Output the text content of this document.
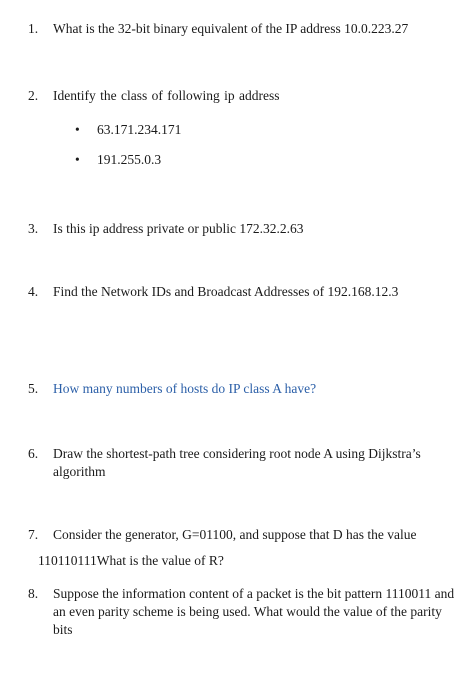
1. What is the 32-bit binary equivalent of the IP address 10.0.223.27
2. Identify the class of following ip address
• 63.171.234.171
• 191.255.0.3
3. Is this ip address private or public 172.32.2.63
4. Find the Network IDs and Broadcast Addresses of 192.168.12.3
5. How many numbers of hosts do IP class A have?
6. Draw the shortest-path tree considering root node A using Dijkstra’s algorithm
7. Consider the generator, G=01100, and suppose that D has the value
110110111What is the value of R?
8. Suppose the information content of a packet is the bit pattern 1110011 and an even parity scheme is being used. What would the value of the parity bits
